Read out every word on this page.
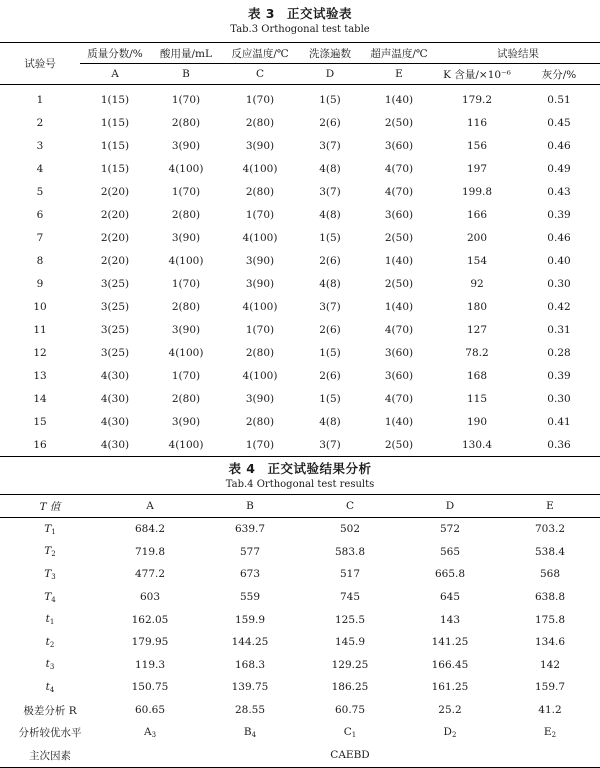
表 3 正交试验表
Tab.3 Orthogonal test table
试验号	质量分数/%	酸用量/mL	反应温度/℃	洗涤遍数	超声温度/℃	试验结果	
	A	B	C	D	E	K 含量/×10⁻⁶	灰分/%
1	1(15)	1(70)	1(70)	1(5)	1(40)	179.2	0.51
2	1(15)	2(80)	2(80)	2(6)	2(50)	116	0.45
3	1(15)	3(90)	3(90)	3(7)	3(60)	156	0.46
4	1(15)	4(100)	4(100)	4(8)	4(70)	197	0.49
5	2(20)	1(70)	2(80)	3(7)	4(70)	199.8	0.43
6	2(20)	2(80)	1(70)	4(8)	3(60)	166	0.39
7	2(20)	3(90)	4(100)	1(5)	2(50)	200	0.46
8	2(20)	4(100)	3(90)	2(6)	1(40)	154	0.40
9	3(25)	1(70)	3(90)	4(8)	2(50)	92	0.30
10	3(25)	2(80)	4(100)	3(7)	1(40)	180	0.42
11	3(25)	3(90)	1(70)	2(6)	4(70)	127	0.31
12	3(25)	4(100)	2(80)	1(5)	3(60)	78.2	0.28
13	4(30)	1(70)	4(100)	2(6)	3(60)	168	0.39
14	4(30)	2(80)	3(90)	1(5)	4(70)	115	0.30
15	4(30)	3(90)	2(80)	4(8)	1(40)	190	0.41
16	4(30)	4(100)	1(70)	3(7)	2(50)	130.4	0.36
表 4 正交试验结果分析
Tab.4 Orthogonal test results
T 值	A	B	C	D	E
$T_1$	684.2	639.7	502	572	703.2
$T_2$	719.8	577	583.8	565	538.4
$T_3$	477.2	673	517	665.8	568
$T_4$	603	559	745	645	638.8
$t_1$	162.05	159.9	125.5	143	175.8
$t_2$	179.95	144.25	145.9	141.25	134.6
$t_3$	119.3	168.3	129.25	166.45	142
$t_4$	150.75	139.75	186.25	161.25	159.7
极差分析 R	60.65	28.55	60.75	25.2	41.2
分析较优水平	$A_3$	$B_4$	$C_1$	$D_2$	$E_2$
主次因素	CAEBD				
